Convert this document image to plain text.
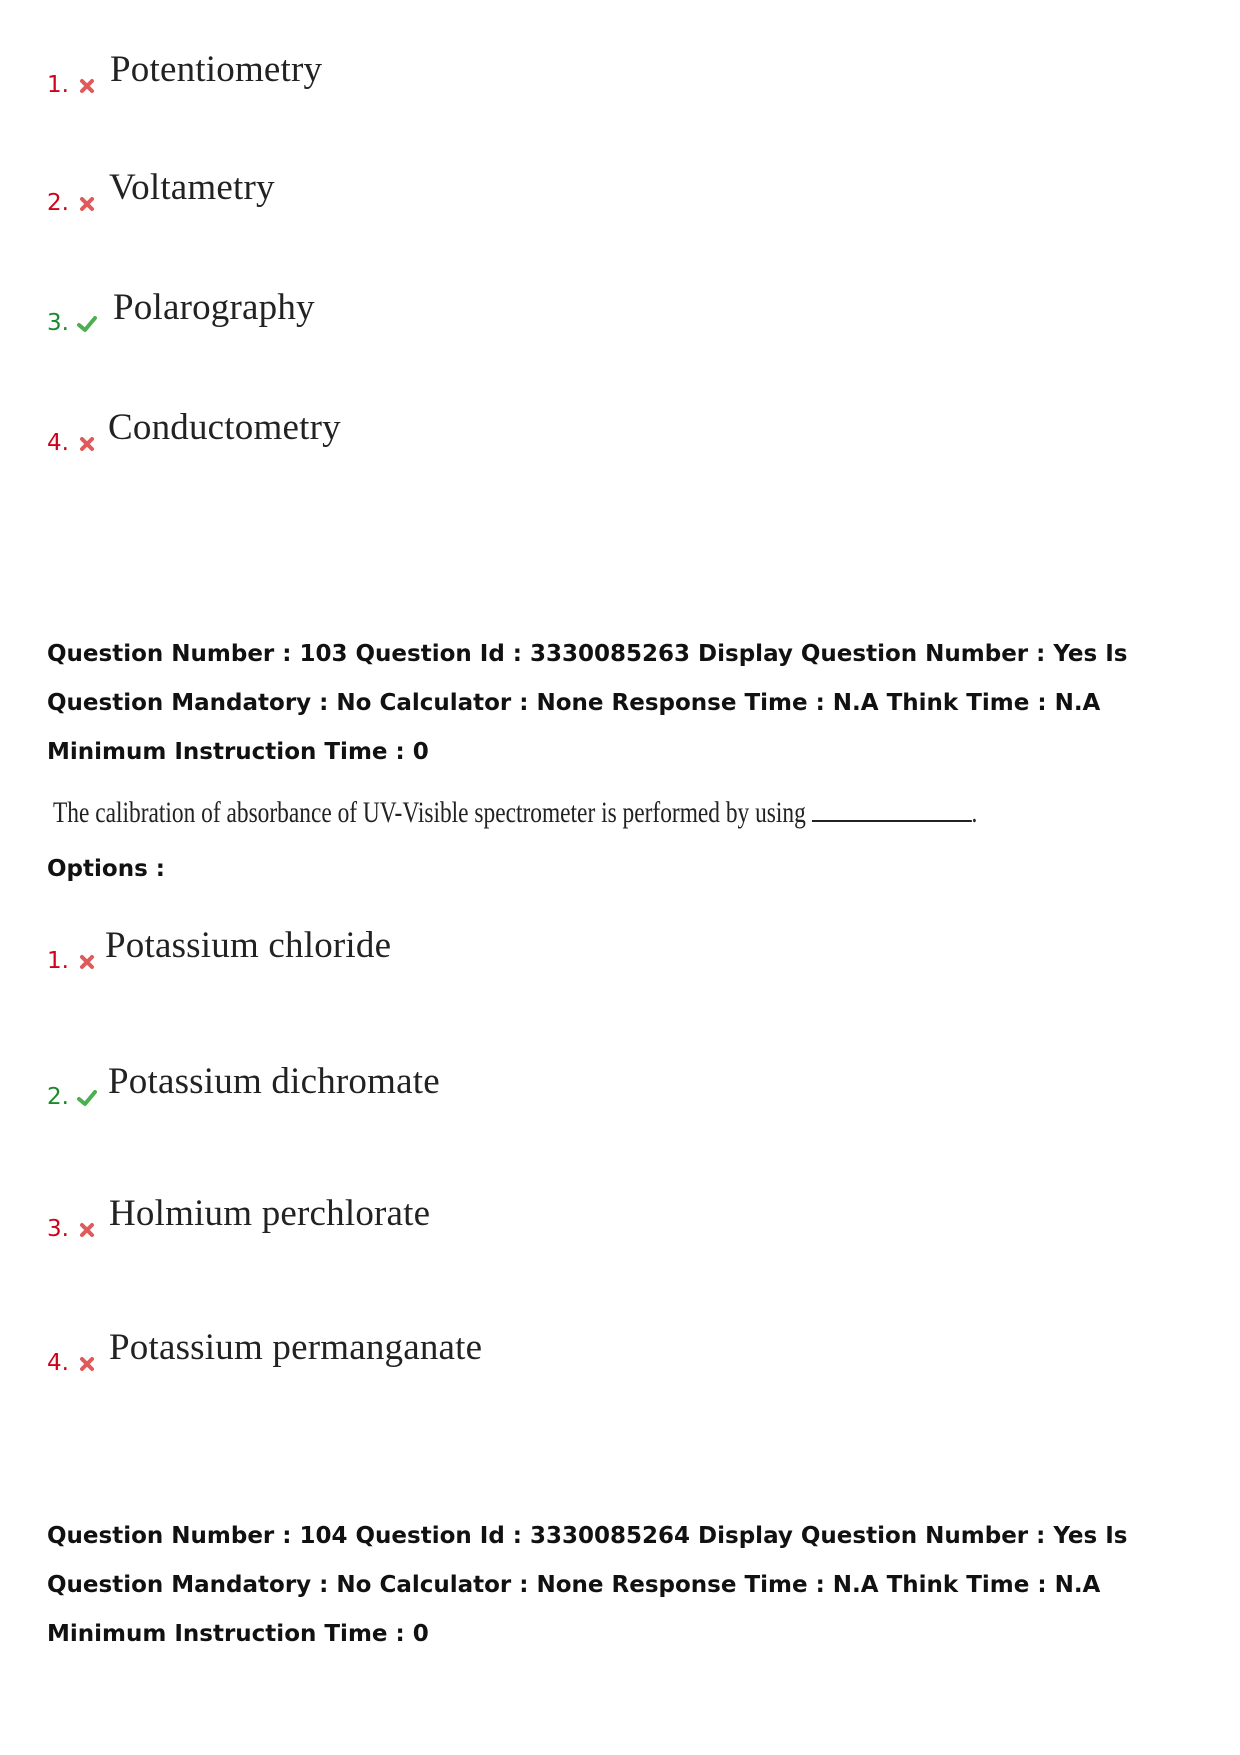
1. Potentiometry
2. Voltametry
3. Polarography
4. Conductometry
Question Number : 103 Question Id : 3330085263 Display Question Number : Yes Is Question Mandatory : No Calculator : None Response Time : N.A Think Time : N.A Minimum Instruction Time : 0
The calibration of absorbance of UV-Visible spectrometer is performed by using	.
Options :
1. Potassium chloride
2. Potassium dichromate
3. Holmium perchlorate
4. Potassium permanganate
Question Number : 104 Question Id : 3330085264 Display Question Number : Yes Is Question Mandatory : No Calculator : None Response Time : N.A Think Time : N.A Minimum Instruction Time : 0
